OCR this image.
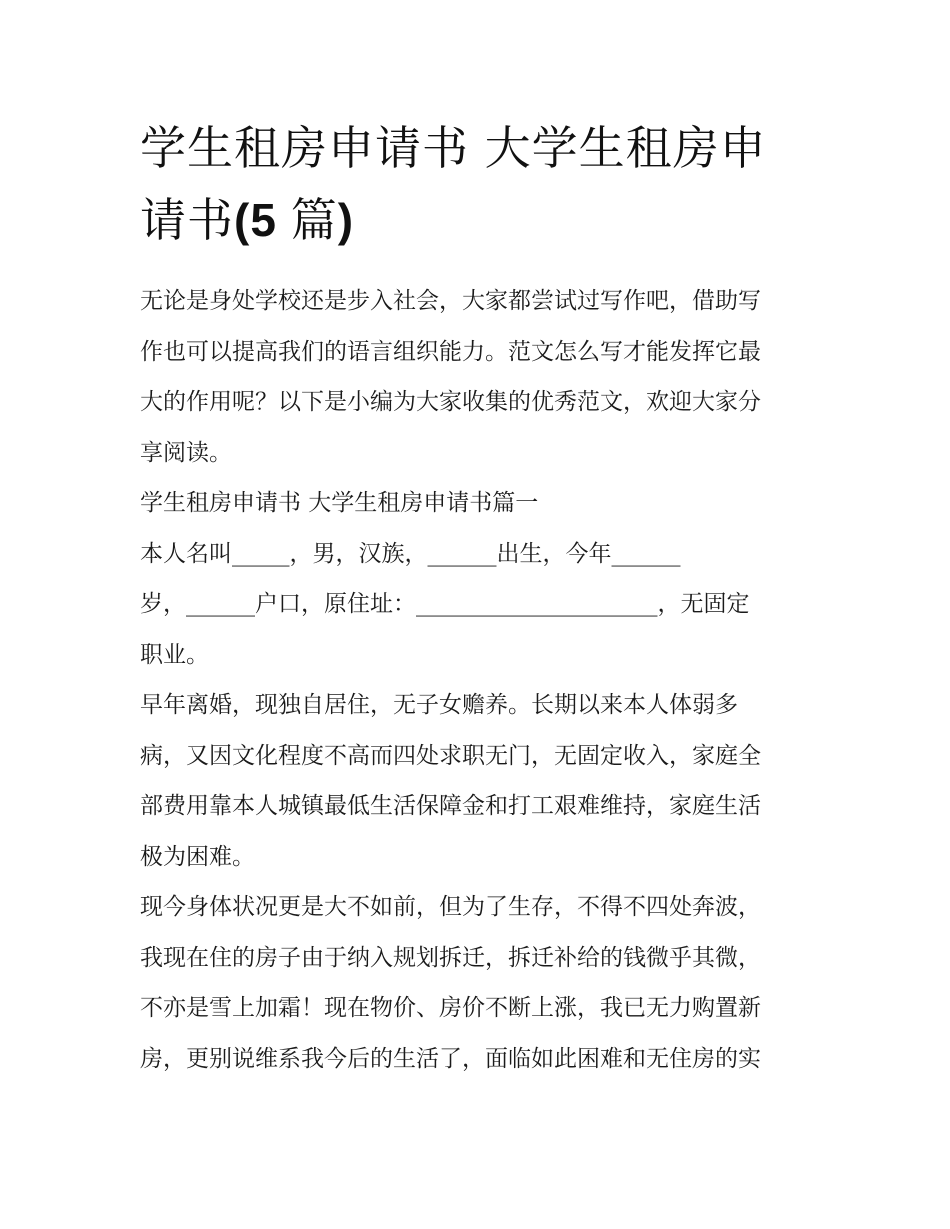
学生租房申请书 大学生租房申
请书(5 篇)
无论是身处学校还是步入社会，大家都尝试过写作吧，借助写
作也可以提高我们的语言组织能力。范文怎么写才能发挥它最
大的作用呢？以下是小编为大家收集的优秀范文，欢迎大家分
享阅读。
学生租房申请书 大学生租房申请书篇一
本人名叫_____，男，汉族，______出生，今年______
岁，______户口，原住址：_____________________，无固定
职业。
早年离婚，现独自居住，无子女赡养。长期以来本人体弱多
病，又因文化程度不高而四处求职无门，无固定收入，家庭全
部费用靠本人城镇最低生活保障金和打工艰难维持，家庭生活
极为困难。
现今身体状况更是大不如前，但为了生存，不得不四处奔波，
我现在住的房子由于纳入规划拆迁，拆迁补给的钱微乎其微，
不亦是雪上加霜！现在物价、房价不断上涨，我已无力购置新
房，更别说维系我今后的生活了，面临如此困难和无住房的实
